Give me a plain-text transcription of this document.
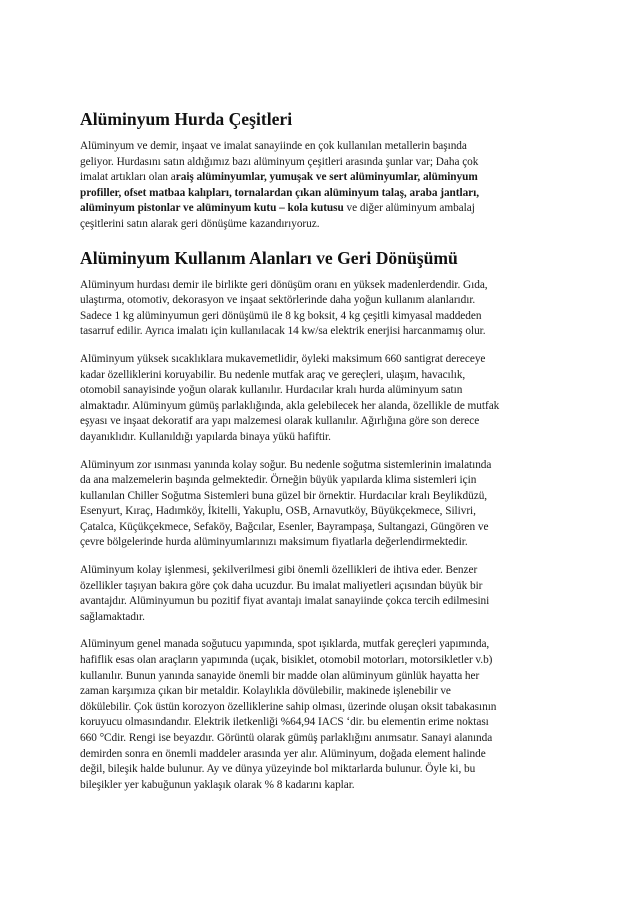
Alüminyum Hurda Çeşitleri

Alüminyum ve demir, inşaat ve imalat sanayiinde en çok kullanılan metallerin başında
geliyor. Hurdasını satın aldığımız bazı alüminyum çeşitleri arasında şunlar var; Daha çok
imalat artıkları olan araiş alüminyumlar, yumuşak ve sert alüminyumlar, alüminyum
profiller, ofset matbaa kalıpları, tornalardan çıkan alüminyum talaş, araba jantları,
alüminyum pistonlar ve alüminyum kutu – kola kutusu ve diğer alüminyum ambalaj
çeşitlerini satın alarak geri dönüşüme kazandırıyoruz.

Alüminyum Kullanım Alanları ve Geri Dönüşümü

Alüminyum hurdası demir ile birlikte geri dönüşüm oranı en yüksek madenlerdendir. Gıda,
ulaştırma, otomotiv, dekorasyon ve inşaat sektörlerinde daha yoğun kullanım alanlarıdır.
Sadece 1 kg alüminyumun geri dönüşümü ile 8 kg boksit, 4 kg çeşitli kimyasal maddeden
tasarruf edilir. Ayrıca imalatı için kullanılacak 14 kw/sa elektrik enerjisi harcanmamış olur.

Alüminyum yüksek sıcaklıklara mukavemetlidir, öyleki maksimum 660 santigrat dereceye
kadar özelliklerini koruyabilir. Bu nedenle mutfak araç ve gereçleri, ulaşım, havacılık,
otomobil sanayisinde yoğun olarak kullanılır. Hurdacılar kralı hurda alüminyum satın
almaktadır. Alüminyum gümüş parlaklığında, akla gelebilecek her alanda, özellikle de mutfak
eşyası ve inşaat dekoratif ara yapı malzemesi olarak kullanılır. Ağırlığına göre son derece
dayanıklıdır. Kullanıldığı yapılarda binaya yükü hafiftir.

Alüminyum zor ısınması yanında kolay soğur. Bu nedenle soğutma sistemlerinin imalatında
da ana malzemelerin başında gelmektedir. Örneğin büyük yapılarda klima sistemleri için
kullanılan Chiller Soğutma Sistemleri buna güzel bir örnektir. Hurdacılar kralı Beylikdüzü,
Esenyurt, Kıraç, Hadımköy, İkitelli, Yakuplu, OSB, Arnavutköy, Büyükçekmece, Silivri,
Çatalca, Küçükçekmece, Sefaköy, Bağcılar, Esenler, Bayrampaşa, Sultangazi, Güngören ve
çevre bölgelerinde hurda alüminyumlarınızı maksimum fiyatlarla değerlendirmektedir.

Alüminyum kolay işlenmesi, şekilverilmesi gibi önemli özellikleri de ihtiva eder. Benzer
özellikler taşıyan bakıra göre çok daha ucuzdur. Bu imalat maliyetleri açısından büyük bir
avantajdır. Alüminyumun bu pozitif fiyat avantajı imalat sanayiinde çokca tercih edilmesini
sağlamaktadır.

Alüminyum genel manada soğutucu yapımında, spot ışıklarda, mutfak gereçleri yapımında,
hafiflik esas olan araçların yapımında (uçak, bisiklet, otomobil motorları, motorsikletler v.b)
kullanılır. Bunun yanında sanayide önemli bir madde olan alüminyum günlük hayatta her
zaman karşımıza çıkan bir metaldir. Kolaylıkla dövülebilir, makinede işlenebilir ve
dökülebilir. Çok üstün korozyon özelliklerine sahip olması, üzerinde oluşan oksit tabakasının
koruyucu olmasındandır. Elektrik iletkenliği %64,94 IACS ‘dir. bu elementin erime noktası
660 °Cdir. Rengi ise beyazdır. Görüntü olarak gümüş parlaklığını anımsatır. Sanayi alanında
demirden sonra en önemli maddeler arasında yer alır. Alüminyum, doğada element halinde
değil, bileşik halde bulunur. Ay ve dünya yüzeyinde bol miktarlarda bulunur. Öyle ki, bu
bileşikler yer kabuğunun yaklaşık olarak % 8 kadarını kaplar.
